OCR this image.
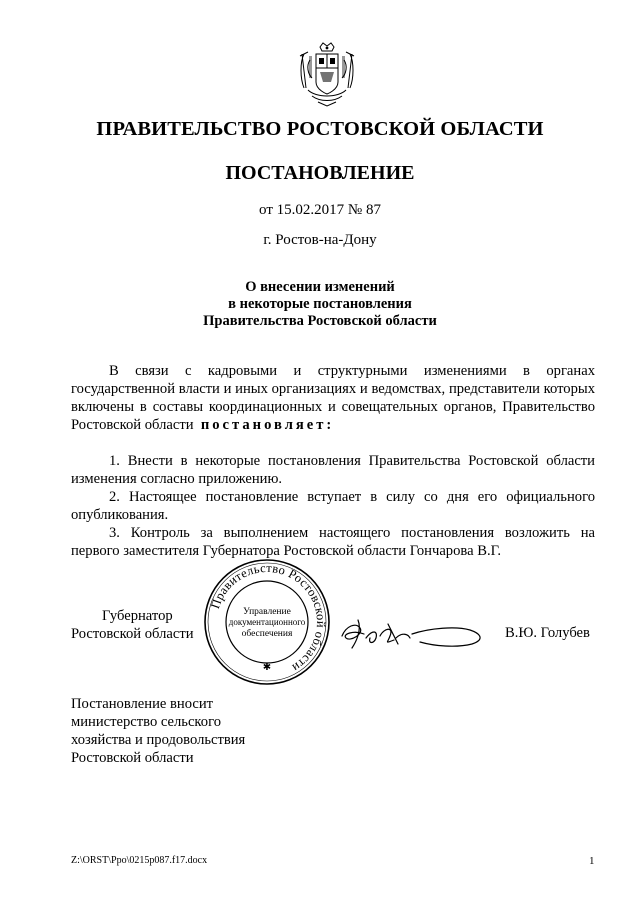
ПРАВИТЕЛЬСТВО РОСТОВСКОЙ ОБЛАСТИ
ПОСТАНОВЛЕНИЕ
от 15.02.2017 № 87
г. Ростов-на-Дону
О внесении изменений
в некоторые постановления
Правительства Ростовской области

В связи с кадровыми и структурными изменениями в органах государственной власти и иных организациях и ведомствах, представители которых включены в составы координационных и совещательных органов, Правительство Ростовской области постановляет:

1. Внести в некоторые постановления Правительства Ростовской области изменения согласно приложению.

2. Настоящее постановление вступает в силу со дня его официального опубликования.

3. Контроль за выполнением настоящего постановления возложить на первого заместителя Губернатора Ростовской области Гончарова В.Г.

Губернатор
Ростовской области
Правительство Ростовской области
Управление
документационного
обеспечения
✱
В.Ю. Голубев
Постановление вносит
министерство сельского
хозяйства и продовольствия
Ростовской области
Z:\ORST\Ppo\0215p087.f17.docx	1
